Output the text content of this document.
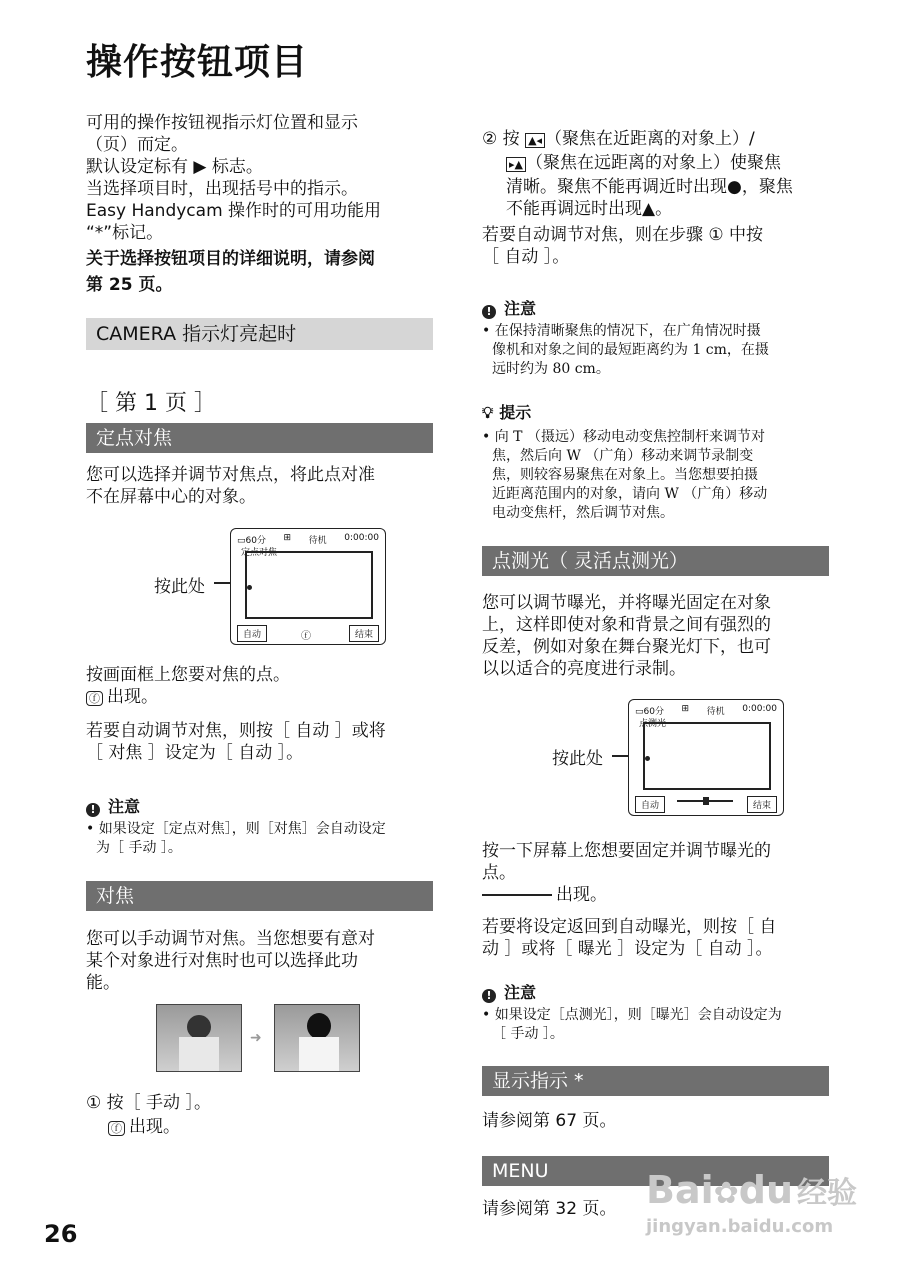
操作按钮项目
可用的操作按钮视指示灯位置和显示
（页）而定。
默认设定标有 ▶ 标志。
当选择项目时，出现括号中的指示。
Easy Handycam 操作时的可用功能用
“*”标记。
关于选择按钮项目的详细说明，请参阅
第 25 页。
CAMERA 指示灯亮起时
［ 第 1 页 ］
定点对焦
您可以选择并调节对焦点，将此点对准
不在屏幕中心的对象。
按此处
▭60分 ⊞ 待机 0:00:00
定点对焦
自动	ⓕ	结束
按画面框上您要对焦的点。
ⓕ 出现。
若要自动调节对焦，则按［ 自动 ］或将
［ 对焦 ］设定为［ 自动 ］。
! 注意
• 如果设定［定点对焦］，则［对焦］会自动设定
为［ 手动 ］。
对焦
您可以手动调节对焦。当您想要有意对
某个对象进行对焦时也可以选择此功
能。
➜
① 按［ 手动 ］。
ⓕ 出现。
② 按 ▲◂ （聚焦在近距离的对象上）/
▸▲ （聚焦在远距离的对象上）使聚焦
清晰。聚焦不能再调近时出现●，聚焦
不能再调远时出现▲。
若要自动调节对焦，则在步骤 ① 中按
［ 自动 ］。
! 注意
• 在保持清晰聚焦的情况下，在广角情况时摄
像机和对象之间的最短距离约为 1 cm，在摄
远时约为 80 cm。
💡︎ 提示
• 向 T （摄远）移动电动变焦控制杆来调节对
焦，然后向 W （广角）移动来调节录制变
焦，则较容易聚焦在对象上。当您想要拍摄
近距离范围内的对象，请向 W （广角）移动
电动变焦杆，然后调节对焦。
点测光（ 灵活点测光）
您可以调节曝光，并将曝光固定在对象
上，这样即使对象和背景之间有强烈的
反差，例如对象在舞台聚光灯下，也可
以以适合的亮度进行录制。
按此处
▭60分 ⊞ 待机 0:00:00
点测光
自动	结束
按一下屏幕上您想要固定并调节曝光的
点。
出现。
若要将设定返回到自动曝光，则按［ 自
动 ］或将［ 曝光 ］设定为［ 自动 ］。
! 注意
• 如果设定［点测光］，则［曝光］会自动设定为
［ 手动 ］。
显示指示 *
请参阅第 67 页。
MENU
请参阅第 32 页。
26
Bai✿du 经验
jingyan.baidu.com
